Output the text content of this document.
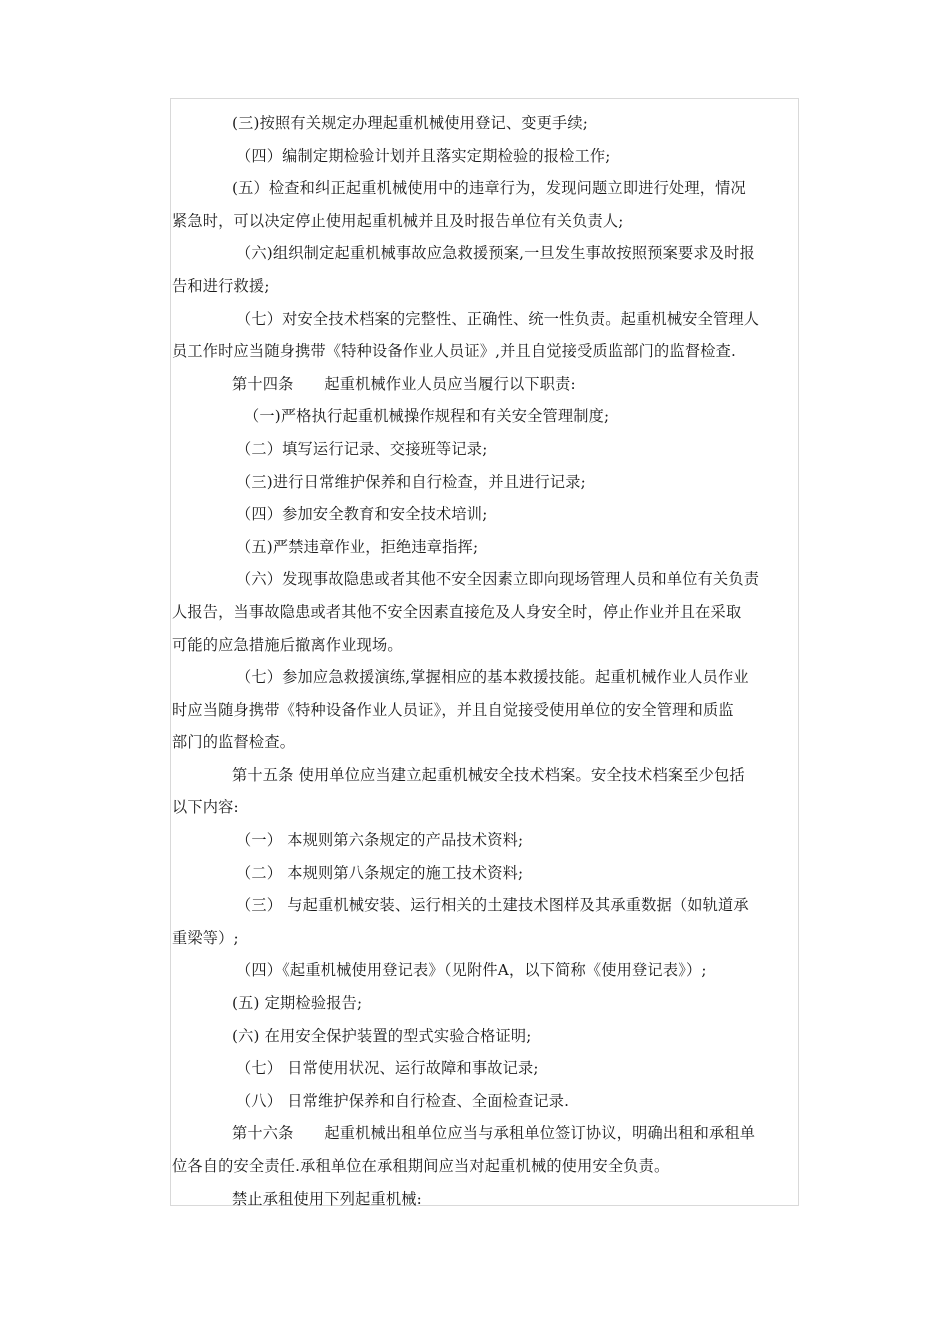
(三)按照有关规定办理起重机械使用登记、变更手续;
（四）编制定期检验计划并且落实定期检验的报检工作;
(五）检查和纠正起重机械使用中的违章行为，发现问题立即进行处理，情况
紧急时，可以决定停止使用起重机械并且及时报告单位有关负责人;
（六)组织制定起重机械事故应急救援预案,一旦发生事故按照预案要求及时报
告和进行救援;
（七）对安全技术档案的完整性、正确性、统一性负责。起重机械安全管理人
员工作时应当随身携带《特种设备作业人员证》,并且自觉接受质监部门的监督检查.
第十四条　　起重机械作业人员应当履行以下职责:
（一)严格执行起重机械操作规程和有关安全管理制度;
（二）填写运行记录、交接班等记录;
（三)进行日常维护保养和自行检查，并且进行记录;
（四）参加安全教育和安全技术培训;
（五)严禁违章作业，拒绝违章指挥;
（六）发现事故隐患或者其他不安全因素立即向现场管理人员和单位有关负责
人报告，当事故隐患或者其他不安全因素直接危及人身安全时，停止作业并且在采取
可能的应急措施后撤离作业现场。
（七）参加应急救援演练,掌握相应的基本救援技能。起重机械作业人员作业
时应当随身携带《特种设备作业人员证》，并且自觉接受使用单位的安全管理和质监
部门的监督检查。
第十五条 使用单位应当建立起重机械安全技术档案。安全技术档案至少包括
以下内容:
（一） 本规则第六条规定的产品技术资料;
（二） 本规则第八条规定的施工技术资料;
（三） 与起重机械安装、运行相关的土建技术图样及其承重数据（如轨道承
重梁等）;
（四）《起重机械使用登记表》（见附件A，以下简称《使用登记表》）;
(五) 定期检验报告;
(六) 在用安全保护装置的型式实验合格证明;
（七） 日常使用状况、运行故障和事故记录;
（八） 日常维护保养和自行检查、全面检查记录.
第十六条　　起重机械出租单位应当与承租单位签订协议，明确出租和承租单
位各自的安全责任.承租单位在承租期间应当对起重机械的使用安全负责。
禁止承租使用下列起重机械:
